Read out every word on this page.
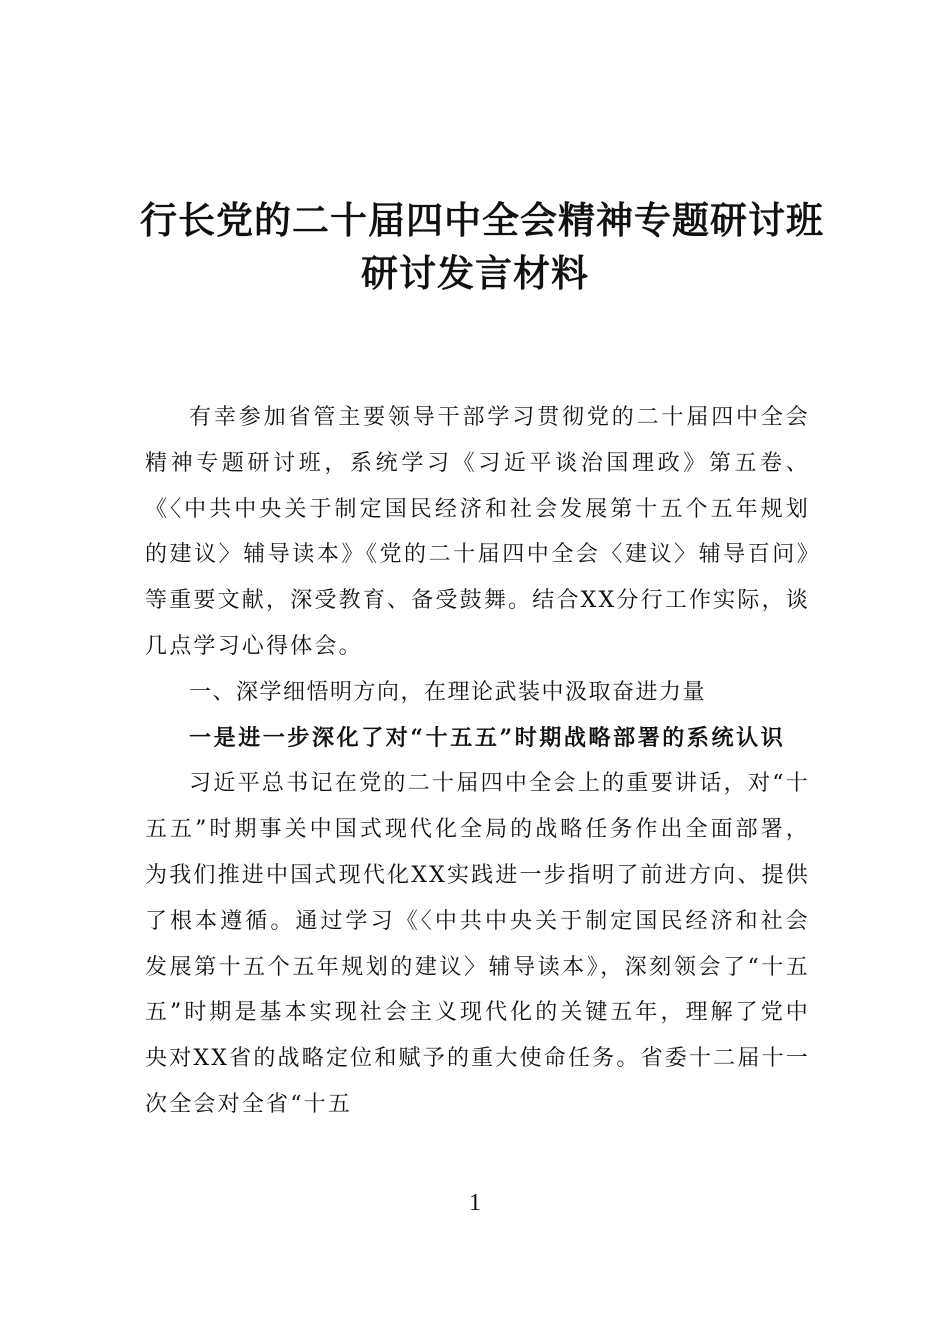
行长党的二十届四中全会精神专题研讨班
研讨发言材料

有幸参加省管主要领导干部学习贯彻党的二十届四中全会精神专题研讨班，系统学习《习近平谈治国理政》第五卷、《〈中共中央关于制定国民经济和社会发展第十五个五年规划的建议〉辅导读本》《党的二十届四中全会〈建议〉辅导百问》等重要文献，深受教育、备受鼓舞。结合XX分行工作实际，谈几点学习心得体会。

一、深学细悟明方向，在理论武装中汲取奋进力量

一是进一步深化了对“十五五”时期战略部署的系统认识

习近平总书记在党的二十届四中全会上的重要讲话，对“十五五”时期事关中国式现代化全局的战略任务作出全面部署，为我们推进中国式现代化XX实践进一步指明了前进方向、提供了根本遵循。通过学习《〈中共中央关于制定国民经济和社会发展第十五个五年规划的建议〉辅导读本》，深刻领会了“十五五”时期是基本实现社会主义现代化的关键五年，理解了党中央对XX省的战略定位和赋予的重大使命任务。省委十二届十一次全会对全省“十五

1
